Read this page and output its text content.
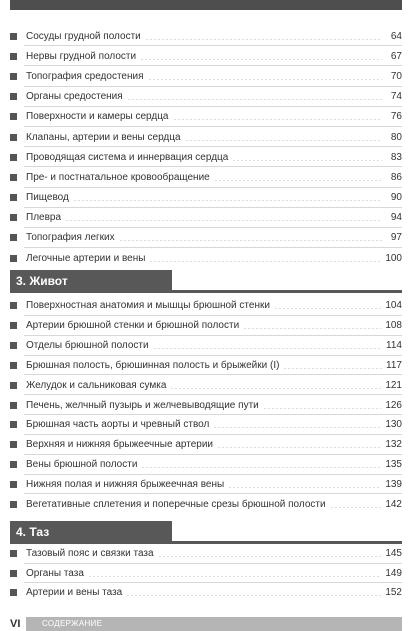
Сосуды грудной полости	64
Нервы грудной полости	67
Топография средостения	70
Органы средостения	74
Поверхности и камеры сердца	76
Клапаны, артерии и вены сердца	80
Проводящая система и иннервация сердца	83
Пре- и постнатальное кровообращение	86
Пищевод	90
Плевра	94
Топография легких	97
Легочные артерии и вены	100
3. Живот
Поверхностная анатомия и мышцы брюшной стенки	104
Артерии брюшной стенки и брюшной полости	108
Отделы брюшной полости	114
Брюшная полость, брюшинная полость и брыжейки (I)	117
Желудок и сальниковая сумка	121
Печень, желчный пузырь и желчевыводящие пути	126
Брюшная часть аорты и чревный ствол	130
Верхняя и нижняя брыжеечные артерии	132
Вены брюшной полости	135
Нижняя полая и нижняя брыжеечная вены	139
Вегетативные сплетения и поперечные срезы брюшной полости	142
4. Таз
Тазовый пояс и связки таза	145
Органы таза	149
Артерии и вены таза	152
VI	СОДЕРЖАНИЕ
